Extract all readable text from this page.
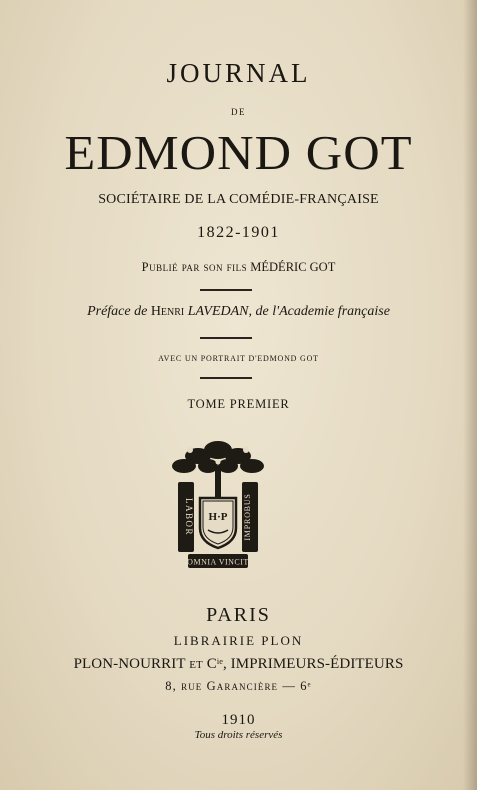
JOURNAL
DE
EDMOND GOT
SOCIÉTAIRE DE LA COMÉDIE-FRANÇAISE
1822-1901
Publié par son fils MÉDÉRIC GOT
Préface de Henri LAVEDAN, de l'Academie française
AVEC UN PORTRAIT D'EDMOND GOT
TOME PREMIER
LABOR	IMPROBUS
H·P
OMNIA VINCIT
PARIS
LIBRAIRIE PLON
PLON-NOURRIT et $C^{ie}$, IMPRIMEURS-ÉDITEURS
8, rue Garancière — 6e
1910
Tous droits réservés
